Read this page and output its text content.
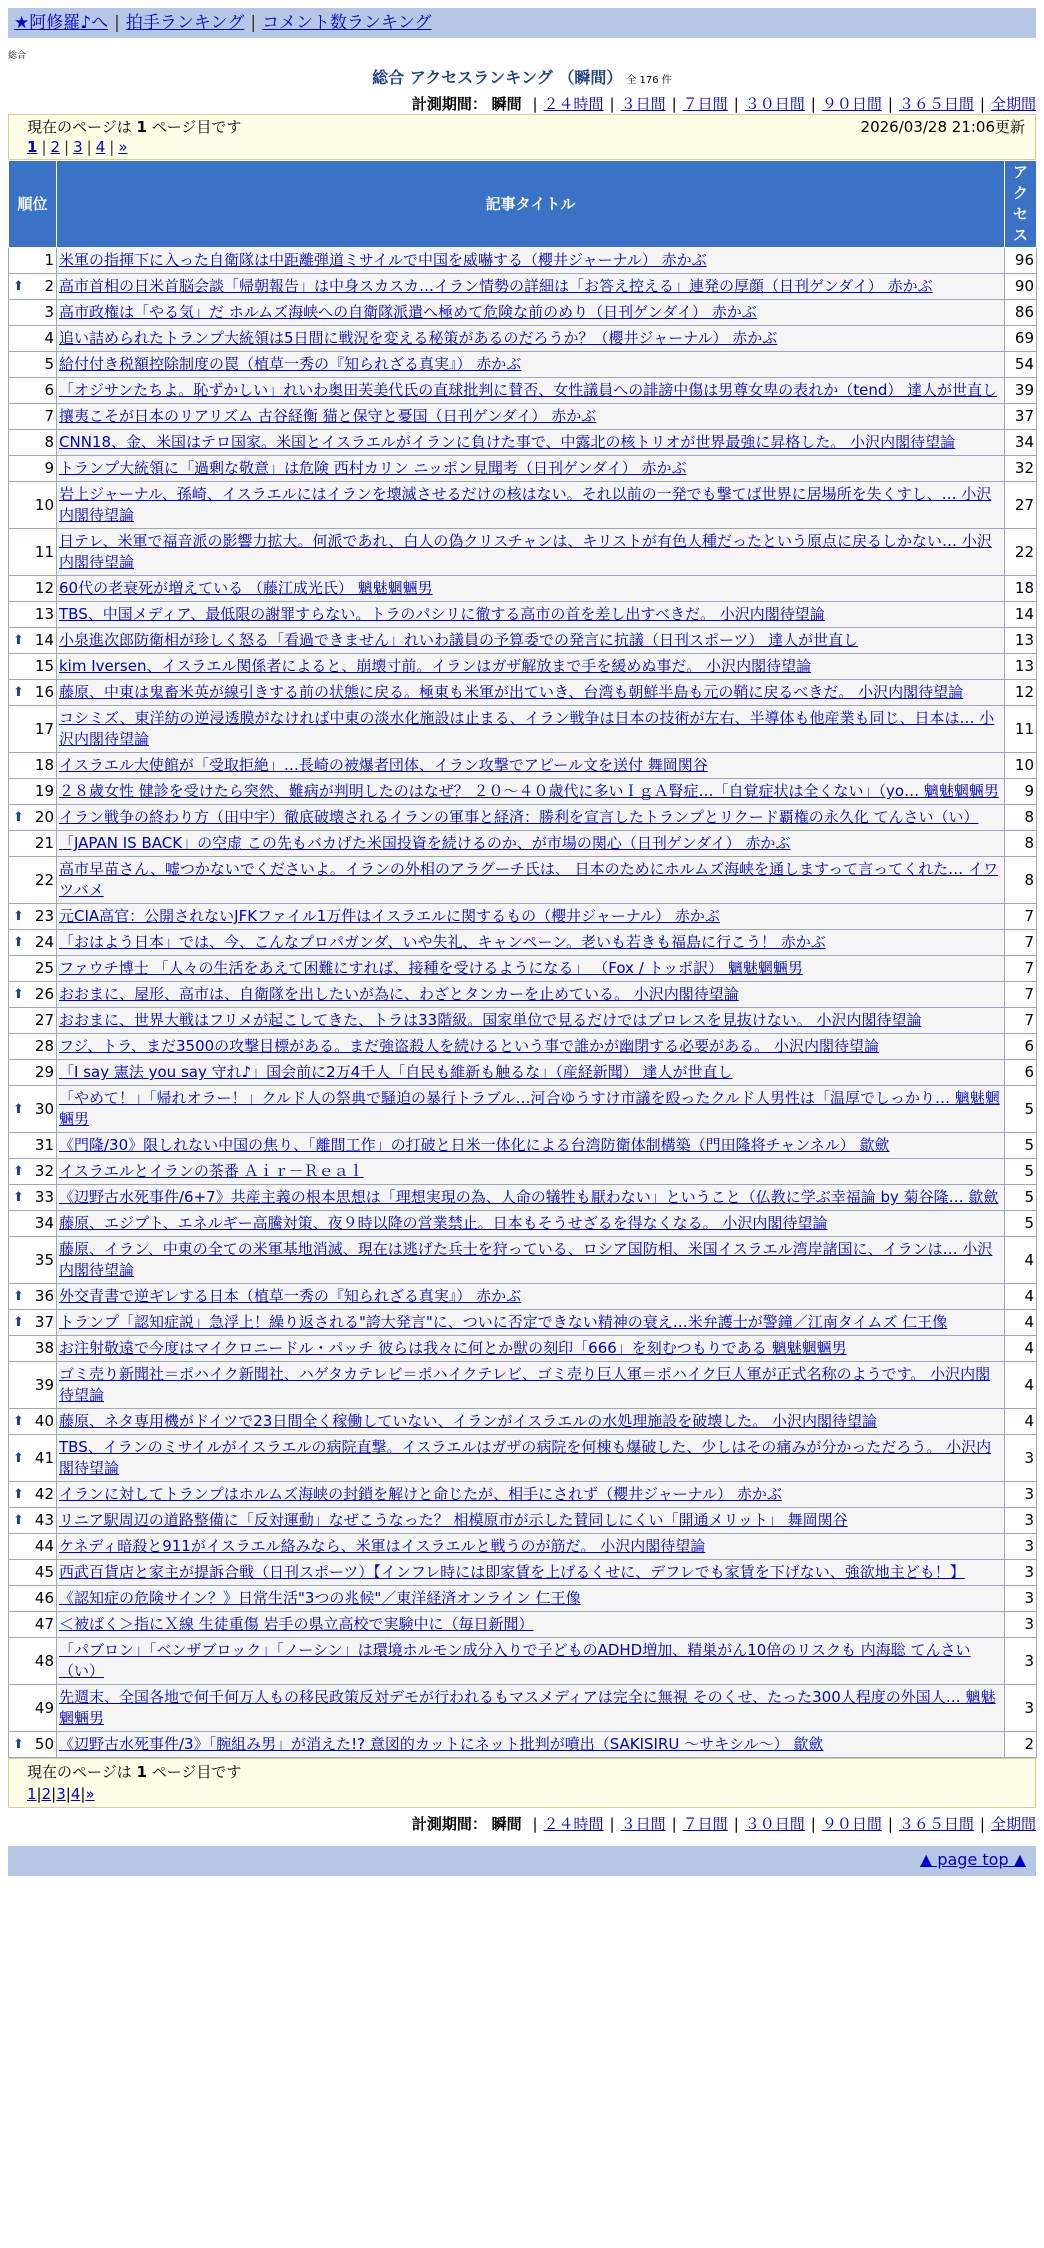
★阿修羅♪へ | 拍手ランキング | コメント数ランキング
総合
総合 アクセスランキング （瞬間） 全 176 件
計測期間： 瞬間 | ２４時間 | ３日間 | ７日間 | ３０日間 | ９０日間 | ３６５日間 | 全期間
現在のページは 1 ページ目です	2026/03/28 21:06更新
1 | 2 | 3 | 4 | »
順位	記事タイトル	アクセス
1	米軍の指揮下に入った自衛隊は中距離弾道ミサイルで中国を威嚇する（櫻井ジャーナル） 赤かぶ	96

⬆ 2	高市首相の日米首脳会談「帰朝報告」は中身スカスカ…イラン情勢の詳細は「お答え控える」連発の厚顔（日刊ゲンダイ） 赤かぶ	90
3	高市政権は「やる気」だ ホルムズ海峡への自衛隊派遣へ極めて危険な前のめり（日刊ゲンダイ） 赤かぶ	86
4	追い詰められたトランプ大統領は5日間に戦況を変える秘策があるのだろうか？（櫻井ジャーナル） 赤かぶ	69
5	給付付き税額控除制度の罠（植草一秀の『知られざる真実』） 赤かぶ	54
6	「オジサンたちよ。恥ずかしい」れいわ奥田芙美代氏の直球批判に賛否、女性議員への誹謗中傷は男尊女卑の表れか（tend） 達人が世直し	39
7	攘夷こそが日本のリアリズム 古谷経衡 猫と保守と憂国（日刊ゲンダイ） 赤かぶ	37
8	CNN18、金、米国はテロ国家。米国とイスラエルがイランに負けた事で、中露北の核トリオが世界最強に昇格した。 小沢内閣待望論	34
9	トランプ大統領に「過剰な敬意」は危険 西村カリン ニッポン見聞考（日刊ゲンダイ） 赤かぶ	32
10	岩上ジャーナル、孫崎、イスラエルにはイランを壊滅させるだけの核はない。それ以前の一発でも撃てば世界に居場所を失くすし、… 小沢内閣待望論	27
11	日テレ、米軍で福音派の影響力拡大。何派であれ、白人の偽クリスチャンは、キリストが有色人種だったという原点に戻るしかない… 小沢内閣待望論	22
12	60代の老衰死が増えている （藤江成光氏） 魑魅魍魎男	18
13	TBS、中国メディア、最低限の謝罪すらない。トラのパシリに徹する高市の首を差し出すべきだ。 小沢内閣待望論	14

⬆ 14	小泉進次郎防衛相が珍しく怒る「看過できません」れいわ議員の予算委での発言に抗議（日刊スポーツ） 達人が世直し	13
15	kim Iversen、イスラエル関係者によると、崩壊寸前。イランはガザ解放まで手を緩めぬ事だ。 小沢内閣待望論	13

⬆ 16	藤原、中東は鬼畜米英が線引きする前の状態に戻る。極東も米軍が出ていき、台湾も朝鮮半島も元の鞘に戻るべきだ。 小沢内閣待望論	12
17	コシミズ、東洋紡の逆浸透膜がなければ中東の淡水化施設は止まる、イラン戦争は日本の技術が左右、半導体も他産業も同じ、日本は… 小沢内閣待望論	11
18	イスラエル大使館が「受取拒絶」…長崎の被爆者団体、イラン攻撃でアピール文を送付 舞岡関谷	10
19	２８歳女性 健診を受けたら突然、難病が判明したのはなぜ？ ２０～４０歳代に多いＩｇＡ腎症…「自覚症状は全くない」（yo… 魑魅魍魎男	9

⬆ 20	イラン戦争の終わり方（田中宇）徹底破壊されるイランの軍事と経済：勝利を宣言したトランプとリクード覇権の永久化 てんさい（い）	8
21	「JAPAN IS BACK」の空虚 この先もバカげた米国投資を続けるのか、が市場の関心（日刊ゲンダイ） 赤かぶ	8
22	高市早苗さん、嘘つかないでくださいよ。イランの外相のアラグーチ氏は、 日本のためにホルムズ海峡を通しますって言ってくれた… イワツバメ	8

⬆ 23	元CIA高官：公開されないJFKファイル1万件はイスラエルに関するもの（櫻井ジャーナル） 赤かぶ	7

⬆ 24	「おはよう日本」では、今、こんなプロパガンダ、いや失礼、キャンペーン。老いも若きも福島に行こう！ 赤かぶ	7
25	ファウチ博士 「人々の生活をあえて困難にすれば、接種を受けるようになる」 （Fox / トッポ訳） 魑魅魍魎男	7

⬆ 26	おおまに、屋形、高市は、自衛隊を出したいが為に、わざとタンカーを止めている。 小沢内閣待望論	7
27	おおまに、世界大戦はフリメが起こしてきた、トラは33階級。国家単位で見るだけではプロレスを見抜けない。 小沢内閣待望論	7
28	フジ、トラ、まだ3500の攻撃目標がある。まだ強盗殺人を続けるという事で誰かが幽閉する必要がある。 小沢内閣待望論	6
29	「I say 憲法 you say 守れ♪」国会前に2万4千人「自民も維新も触るな」（産経新聞） 達人が世直し	6

⬆ 30	「やめて！」「帰れオラー！」クルド人の祭典で騒迫の暴行トラブル…河合ゆうすけ市議を殴ったクルド人男性は「温厚でしっかり… 魑魅魍魎男	5
31	《門隆/30》限しれない中国の焦り、「離間工作」の打破と日米一体化による台湾防衛体制構築（門田隆将チャンネル） 歙歛	5

⬆ 32	イスラエルとイランの茶番 Ａｉｒ－Ｒｅａｌ	5

⬆ 33	《辺野古水死事件/6+7》共産主義の根本思想は「理想実現の為、人命の犠牲も厭わない」ということ（仏教に学ぶ幸福論 by 菊谷隆… 歙歛	5
34	藤原、エジプト、エネルギー高騰対策、夜９時以降の営業禁止。日本もそうせざるを得なくなる。 小沢内閣待望論	5
35	藤原、イラン、中東の全ての米軍基地消滅、現在は逃げた兵士を狩っている、ロシア国防相、米国イスラエル湾岸諸国に、イランは… 小沢内閣待望論	4

⬆ 36	外交青書で逆ギレする日本（植草一秀の『知られざる真実』） 赤かぶ	4

⬆ 37	トランプ「認知症説」急浮上！繰り返される"誇大発言"に、ついに否定できない精神の衰え…米弁護士が警鐘／江南タイムズ 仁王像	4
38	お注射敬遠で今度はマイクロニードル・パッチ 彼らは我々に何とか獣の刻印「666」を刻むつもりである 魑魅魍魎男	4
39	ゴミ売り新聞社＝ポハイク新聞社、ハゲタカテレビ＝ポハイクテレビ、ゴミ売り巨人軍＝ポハイク巨人軍が正式名称のようです。 小沢内閣待望論	4

⬆ 40	藤原、ネタ専用機がドイツで23日間全く稼働していない、イランがイスラエルの水処理施設を破壊した。 小沢内閣待望論	4

⬆ 41	TBS、イランのミサイルがイスラエルの病院直撃。イスラエルはガザの病院を何棟も爆破した、少しはその痛みが分かっただろう。 小沢内閣待望論	3

⬆ 42	イランに対してトランプはホルムズ海峡の封鎖を解けと命じたが、相手にされず（櫻井ジャーナル） 赤かぶ	3

⬆ 43	リニア駅周辺の道路整備に「反対運動」なぜこうなった？ 相模原市が示した賛同しにくい「開通メリット」 舞岡関谷	3
44	ケネディ暗殺と911がイスラエル絡みなら、米軍はイスラエルと戦うのが筋だ。 小沢内閣待望論	3
45	西武百貨店と家主が提訴合戦（日刊スポーツ）【インフレ時には即家賃を上げるくせに、デフレでも家賃を下げない、強欲地主ども！】	3
46	《認知症の危険サイン？》日常生活"3つの兆候"／東洋経済オンライン 仁王像	3
47	＜被ばく＞指にＸ線 生徒重傷 岩手の県立高校で実験中に（毎日新聞）	3
48	「パブロン」「ベンザブロック」「ノーシン」は環境ホルモン成分入りで子どものADHD増加、精巣がん10倍のリスクも 内海聡 てんさい（い）	3
49	先週末、全国各地で何千何万人もの移民政策反対デモが行われるもマスメディアは完全に無視 そのくせ、たった300人程度の外国人… 魑魅魍魎男	3

⬆ 50	《辺野古水死事件/3》「腕組み男」が消えた!? 意図的カットにネット批判が噴出（SAKISIRU ～サキシル～） 歙歛	2
現在のページは 1 ページ目です
1|2|3|4|»
計測期間： 瞬間 | ２４時間 | ３日間 | ７日間 | ３０日間 | ９０日間 | ３６５日間 | 全期間
▲ page top ▲
